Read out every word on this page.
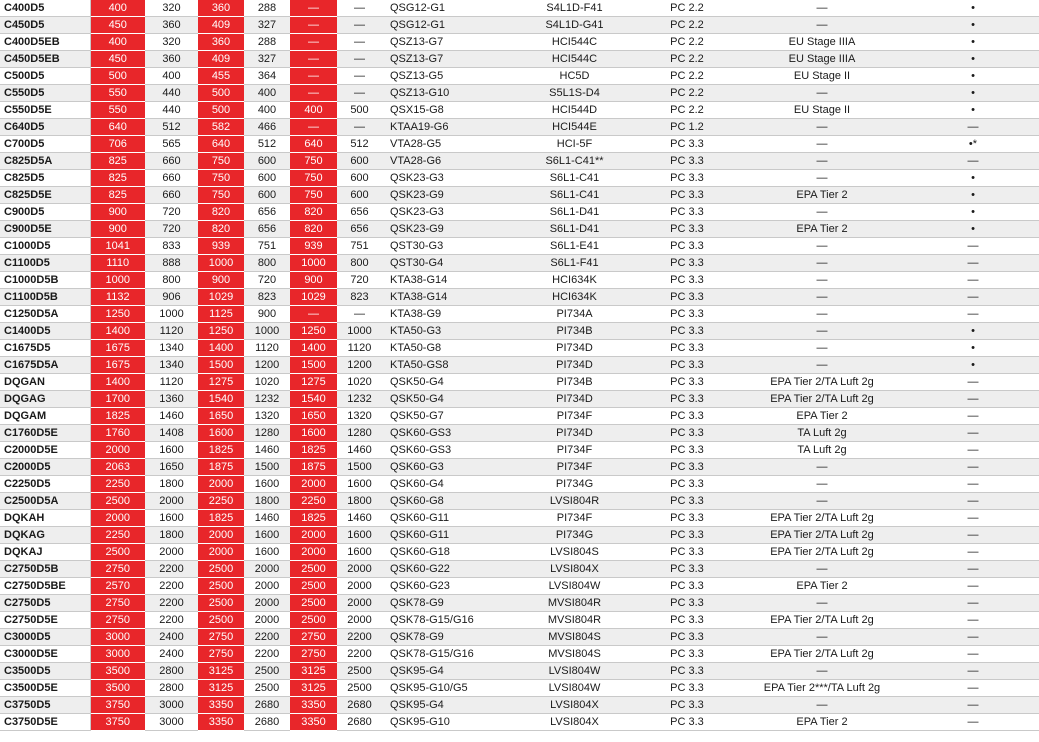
C400D5	400	320	360	288	—	—	QSG12-G1	S4L1D-F41	PC 2.2	—	•
C450D5	450	360	409	327	—	—	QSG12-G1	S4L1D-G41	PC 2.2	—	•
C400D5EB	400	320	360	288	—	—	QSZ13-G7	HCI544C	PC 2.2	EU Stage IIIA	•
C450D5EB	450	360	409	327	—	—	QSZ13-G7	HCI544C	PC 2.2	EU Stage IIIA	•
C500D5	500	400	455	364	—	—	QSZ13-G5	HC5D	PC 2.2	EU Stage II	•
C550D5	550	440	500	400	—	—	QSZ13-G10	S5L1S-D4	PC 2.2	—	•
C550D5E	550	440	500	400	400	500	QSX15-G8	HCI544D	PC 2.2	EU Stage II	•
C640D5	640	512	582	466	—	—	KTAA19-G6	HCI544E	PC 1.2	—	—
C700D5	706	565	640	512	640	512	VTA28-G5	HCI-5F	PC 3.3	—	•*
C825D5A	825	660	750	600	750	600	VTA28-G6	S6L1-C41**	PC 3.3	—	—
C825D5	825	660	750	600	750	600	QSK23-G3	S6L1-C41	PC 3.3	—	•
C825D5E	825	660	750	600	750	600	QSK23-G9	S6L1-C41	PC 3.3	EPA Tier 2	•
C900D5	900	720	820	656	820	656	QSK23-G3	S6L1-D41	PC 3.3	—	•
C900D5E	900	720	820	656	820	656	QSK23-G9	S6L1-D41	PC 3.3	EPA Tier 2	•
C1000D5	1041	833	939	751	939	751	QST30-G3	S6L1-E41	PC 3.3	—	—
C1100D5	1110	888	1000	800	1000	800	QST30-G4	S6L1-F41	PC 3.3	—	—
C1000D5B	1000	800	900	720	900	720	KTA38-G14	HCI634K	PC 3.3	—	—
C1100D5B	1132	906	1029	823	1029	823	KTA38-G14	HCI634K	PC 3.3	—	—
C1250D5A	1250	1000	1125	900	—	—	KTA38-G9	PI734A	PC 3.3	—	—
C1400D5	1400	1120	1250	1000	1250	1000	KTA50-G3	PI734B	PC 3.3	—	•
C1675D5	1675	1340	1400	1120	1400	1120	KTA50-G8	PI734D	PC 3.3	—	•
C1675D5A	1675	1340	1500	1200	1500	1200	KTA50-GS8	PI734D	PC 3.3	—	•
DQGAN	1400	1120	1275	1020	1275	1020	QSK50-G4	PI734B	PC 3.3	EPA Tier 2/TA Luft 2g	—
DQGAG	1700	1360	1540	1232	1540	1232	QSK50-G4	PI734D	PC 3.3	EPA Tier 2/TA Luft 2g	—
DQGAM	1825	1460	1650	1320	1650	1320	QSK50-G7	PI734F	PC 3.3	EPA Tier 2	—
C1760D5E	1760	1408	1600	1280	1600	1280	QSK60-GS3	PI734D	PC 3.3	TA Luft 2g	—
C2000D5E	2000	1600	1825	1460	1825	1460	QSK60-GS3	PI734F	PC 3.3	TA Luft 2g	—
C2000D5	2063	1650	1875	1500	1875	1500	QSK60-G3	PI734F	PC 3.3	—	—
C2250D5	2250	1800	2000	1600	2000	1600	QSK60-G4	PI734G	PC 3.3	—	—
C2500D5A	2500	2000	2250	1800	2250	1800	QSK60-G8	LVSI804R	PC 3.3	—	—
DQKAH	2000	1600	1825	1460	1825	1460	QSK60-G11	PI734F	PC 3.3	EPA Tier 2/TA Luft 2g	—
DQKAG	2250	1800	2000	1600	2000	1600	QSK60-G11	PI734G	PC 3.3	EPA Tier 2/TA Luft 2g	—
DQKAJ	2500	2000	2000	1600	2000	1600	QSK60-G18	LVSI804S	PC 3.3	EPA Tier 2/TA Luft 2g	—
C2750D5B	2750	2200	2500	2000	2500	2000	QSK60-G22	LVSI804X	PC 3.3	—	—
C2750D5BE	2570	2200	2500	2000	2500	2000	QSK60-G23	LVSI804W	PC 3.3	EPA Tier 2	—
C2750D5	2750	2200	2500	2000	2500	2000	QSK78-G9	MVSI804R	PC 3.3	—	—
C2750D5E	2750	2200	2500	2000	2500	2000	QSK78-G15/G16	MVSI804R	PC 3.3	EPA Tier 2/TA Luft 2g	—
C3000D5	3000	2400	2750	2200	2750	2200	QSK78-G9	MVSI804S	PC 3.3	—	—
C3000D5E	3000	2400	2750	2200	2750	2200	QSK78-G15/G16	MVSI804S	PC 3.3	EPA Tier 2/TA Luft 2g	—
C3500D5	3500	2800	3125	2500	3125	2500	QSK95-G4	LVSI804W	PC 3.3	—	—
C3500D5E	3500	2800	3125	2500	3125	2500	QSK95-G10/G5	LVSI804W	PC 3.3	EPA Tier 2***/TA Luft 2g	—
C3750D5	3750	3000	3350	2680	3350	2680	QSK95-G4	LVSI804X	PC 3.3	—	—
C3750D5E	3750	3000	3350	2680	3350	2680	QSK95-G10	LVSI804X	PC 3.3	EPA Tier 2	—
